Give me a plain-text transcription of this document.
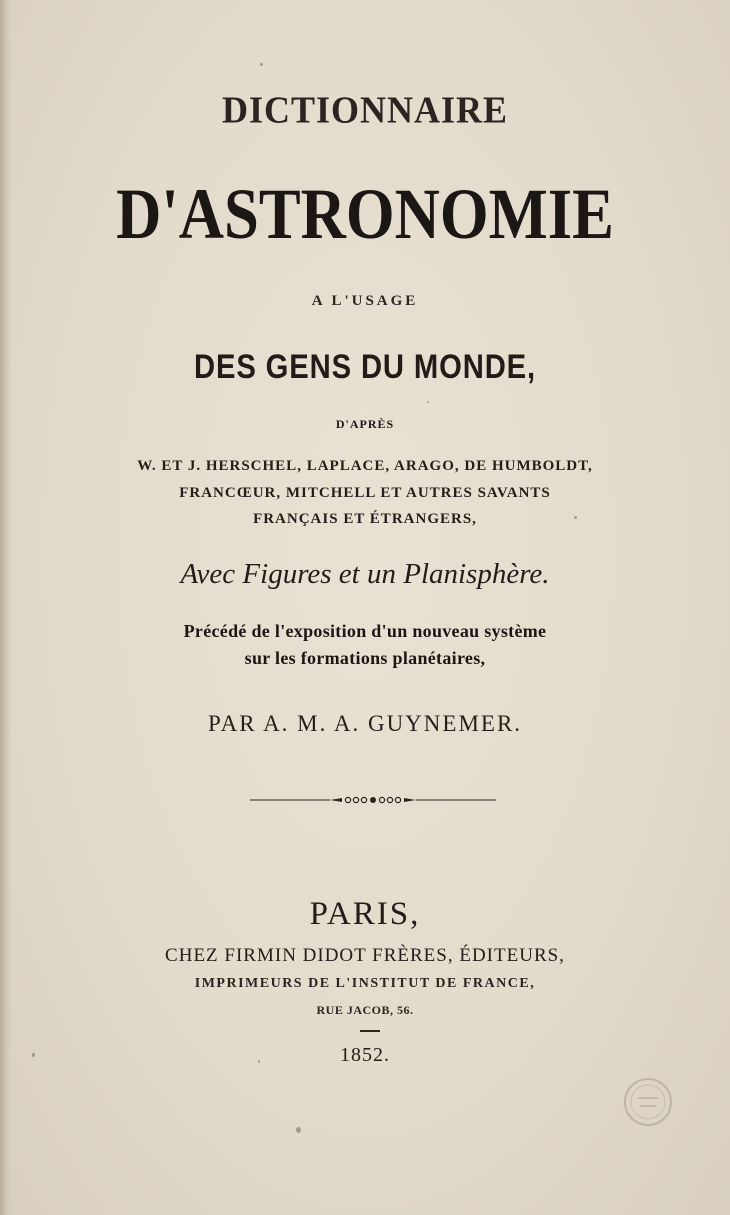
DICTIONNAIRE
D'ASTRONOMIE
A L'USAGE
DES GENS DU MONDE,
D'APRÈS
W. ET J. HERSCHEL, LAPLACE, ARAGO, DE HUMBOLDT,
FRANCŒUR, MITCHELL ET AUTRES SAVANTS
FRANÇAIS ET ÉTRANGERS,
Avec Figures et un Planisphère.
Précédé de l'exposition d'un nouveau système
sur les formations planétaires,
PAR A. M. A. GUYNEMER.
PARIS,
CHEZ FIRMIN DIDOT FRÈRES, ÉDITEURS,
IMPRIMEURS DE L'INSTITUT DE FRANCE,
RUE JACOB, 56.
1852.
